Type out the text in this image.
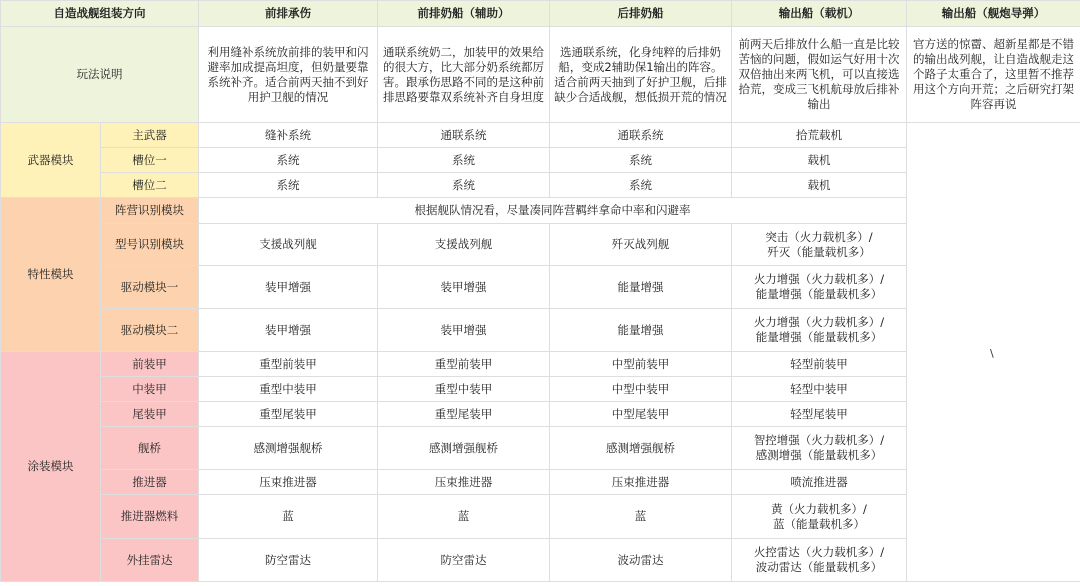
自造战舰组装方向		前排承伤	前排奶船（辅助）	后排奶船	输出船（载机）	输出船（舰炮导弹）
玩法说明		利用缝补系统放前排的装甲和闪避率加成提高坦度，但奶量要靠系统补齐。适合前两天抽不到好用护卫舰的情况	通联系统奶二，加装甲的效果给的很大方，比大部分奶系统都厉害。跟承伤思路不同的是这种前排思路要靠双系统补齐自身坦度	选通联系统，化身纯粹的后排奶船，变成2辅助保1输出的阵容。适合前两天抽到了好护卫舰，后排缺少合适战舰，想低损开荒的情况	前两天后排放什么船一直是比较苦恼的问题，假如运气好用十次双倍抽出来两飞机，可以直接选拾荒，变成三飞机航母放后排补输出	官方送的惊霤、超新星都是不错的输出战列舰，让自造战舰走这个路子太重合了，这里暂不推荐用这个方向开荒；之后研究打架阵容再说
武器模块	主武器	缝补系统	通联系统	通联系统	拾荒载机	
	槽位一	系统	系统	系统	载机	
	槽位二	系统	系统	系统	载机	
特性模块	阵营识别模块	根据舰队情况看，尽量凑同阵营羁绊拿命中率和闪避率				
	型号识别模块	支援战列舰	支援战列舰	歼灭战列舰	突击（火力载机多）/
歼灭（能量载机多）	
	驱动模块一	装甲增强	装甲增强	能量增强	火力增强（火力载机多）/
能量增强（能量载机多）	
	驱动模块二	装甲增强	装甲增强	能量增强	火力增强（火力载机多）/
能量增强（能量载机多）	
涂装模块	前装甲	重型前装甲	重型前装甲	中型前装甲	轻型前装甲	
	中装甲	重型中装甲	重型中装甲	中型中装甲	轻型中装甲	
	尾装甲	重型尾装甲	重型尾装甲	中型尾装甲	轻型尾装甲	
	舰桥	感测增强舰桥	感测增强舰桥	感测增强舰桥	智控增强（火力载机多）/
感测增强（能量载机多）	
	推进器	压束推进器	压束推进器	压束推进器	喷流推进器	
	推进器燃料	蓝	蓝	蓝	黄（火力载机多）/
蓝（能量载机多）	
	外挂雷达	防空雷达	防空雷达	波动雷达	火控雷达（火力载机多）/
波动雷达（能量载机多）	
\
